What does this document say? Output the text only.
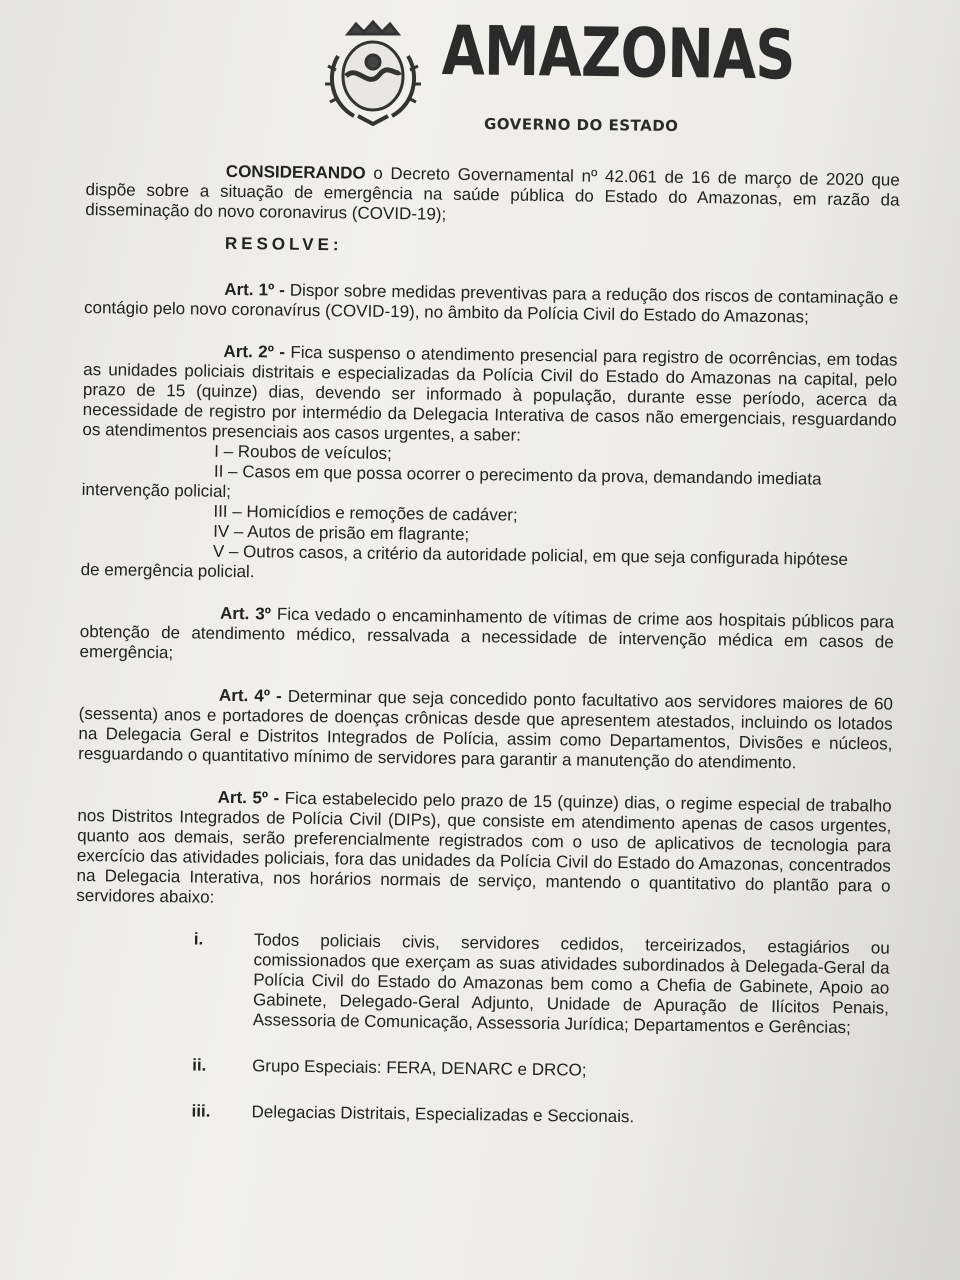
AMAZONAS
GOVERNO DO ESTADO

CONSIDERANDO o Decreto Governamental nº 42.061 de 16 de março de 2020 que dispõe sobre a situação de emergência na saúde pública do Estado do Amazonas, em razão da disseminação do novo coronavirus (COVID-19);

RESOLVE:

Art. 1º - Dispor sobre medidas preventivas para a redução dos riscos de contaminação e contágio pelo novo coronavírus (COVID-19), no âmbito da Polícia Civil do Estado do Amazonas;

Art. 2º - Fica suspenso o atendimento presencial para registro de ocorrências, em todas as unidades policiais distritais e especializadas da Polícia Civil do Estado do Amazonas na capital, pelo prazo de 15 (quinze) dias, devendo ser informado à população, durante esse período, acerca da necessidade de registro por intermédio da Delegacia Interativa de casos não emergenciais, resguardando os atendimentos presenciais aos casos urgentes, a saber:

I – Roubos de veículos;

II – Casos em que possa ocorrer o perecimento da prova, demandando imediata

intervenção policial;

III – Homicídios e remoções de cadáver;

IV – Autos de prisão em flagrante;

V – Outros casos, a critério da autoridade policial, em que seja configurada hipótese

de emergência policial.

Art. 3º Fica vedado o encaminhamento de vítimas de crime aos hospitais públicos para obtenção de atendimento médico, ressalvada a necessidade de intervenção médica em casos de emergência;

Art. 4º - Determinar que seja concedido ponto facultativo aos servidores maiores de 60 (sessenta) anos e portadores de doenças crônicas desde que apresentem atestados, incluindo os lotados na Delegacia Geral e Distritos Integrados de Polícia, assim como Departamentos, Divisões e núcleos, resguardando o quantitativo mínimo de servidores para garantir a manutenção do atendimento.

Art. 5º - Fica estabelecido pelo prazo de 15 (quinze) dias, o regime especial de trabalho nos Distritos Integrados de Polícia Civil (DIPs), que consiste em atendimento apenas de casos urgentes, quanto aos demais, serão preferencialmente registrados com o uso de aplicativos de tecnologia para exercício das atividades policiais, fora das unidades da Polícia Civil do Estado do Amazonas, concentrados na Delegacia Interativa, nos horários normais de serviço, mantendo o quantitativo do plantão para o servidores abaixo:

i.	Todos policiais civis, servidores cedidos, terceirizados, estagiários ou comissionados que exerçam as suas atividades subordinados à Delegada-Geral da Polícia Civil do Estado do Amazonas bem como a Chefia de Gabinete, Apoio ao Gabinete, Delegado-Geral Adjunto, Unidade de Apuração de Ilícitos Penais, Assessoria de Comunicação, Assessoria Jurídica; Departamentos e Gerências;
ii.	Grupo Especiais: FERA, DENARC e DRCO;
iii.	Delegacias Distritais, Especializadas e Seccionais.
